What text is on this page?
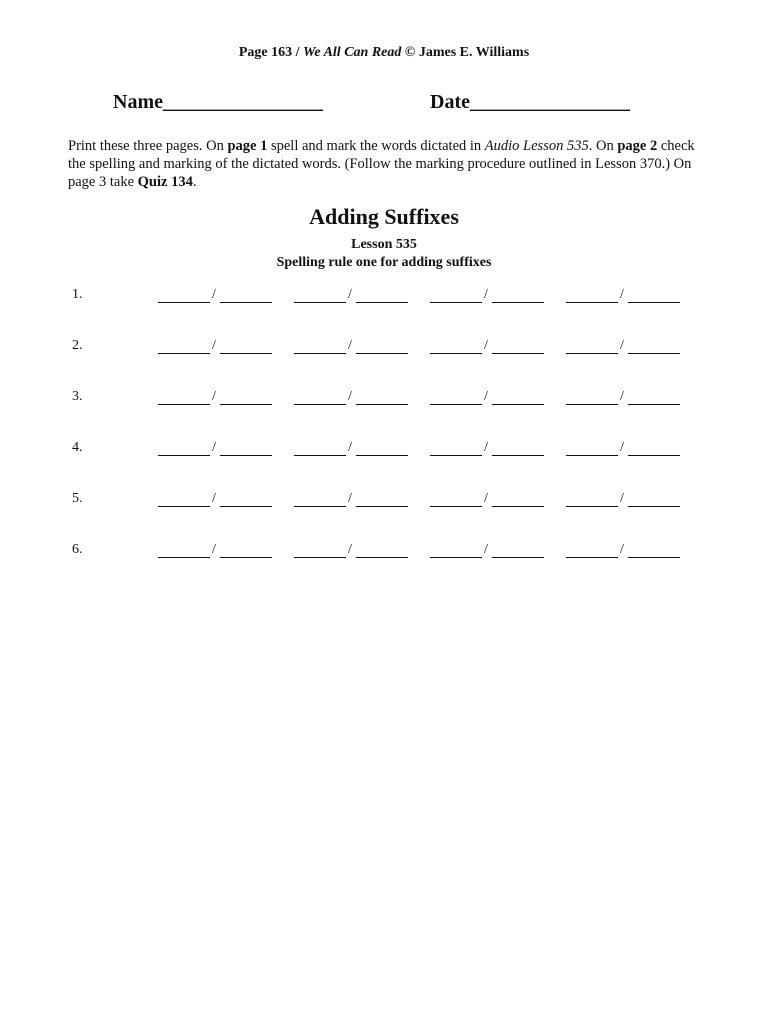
Page 163 / We All Can Read © James E. Williams
Name________________	Date________________
Print these three pages. On page 1 spell and mark the words dictated in Audio Lesson 535. On page 2 check the spelling and marking of the dictated words. (Follow the marking procedure outlined in Lesson 370.) On page 3 take Quiz 134.
Adding Suffixes
Lesson 535
Spelling rule one for adding suffixes
1.	/	/	/	/
2.	/	/	/	/
3.	/	/	/	/
4.	/	/	/	/
5.	/	/	/	/
6.	/	/	/	/
